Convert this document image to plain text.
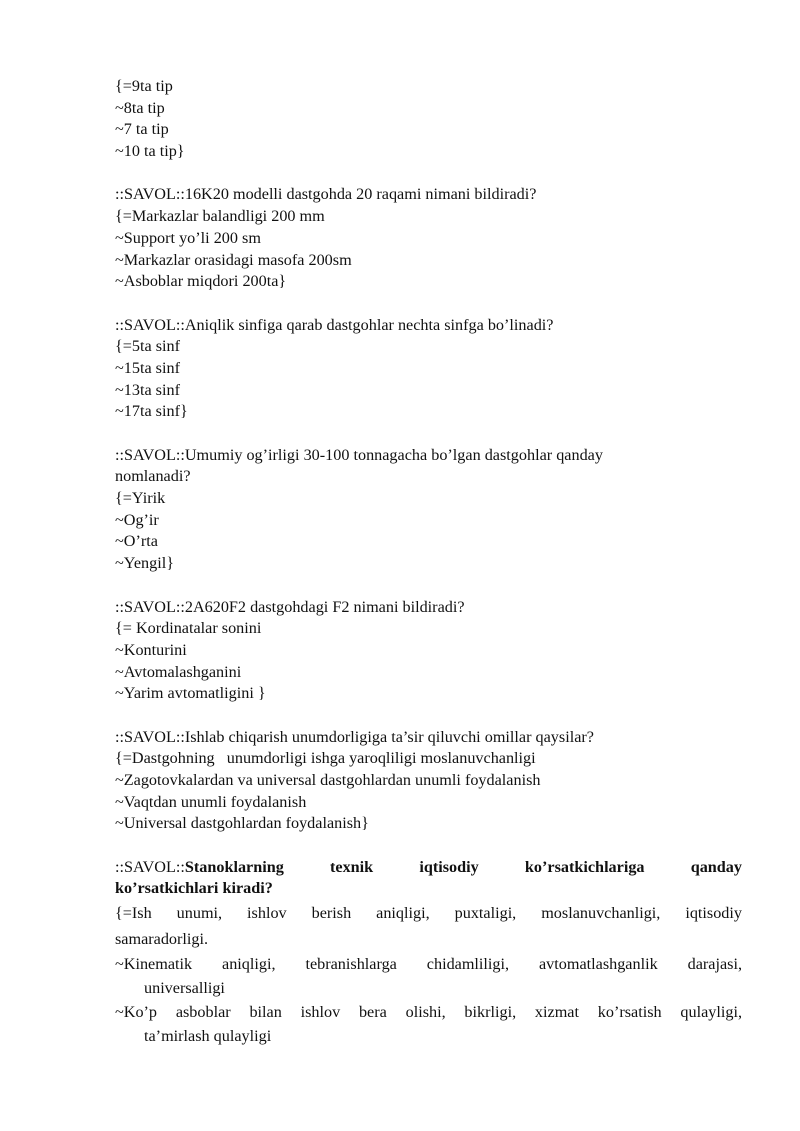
{=9ta tip
~8ta tip
~7 ta tip
~10 ta tip}
::SAVOL::16K20 modelli dastgohda 20 raqami nimani bildiradi?
{=Markazlar balandligi 200 mm
~Support yo’li 200 sm
~Markazlar orasidagi masofa 200sm
~Asboblar miqdori 200ta}
::SAVOL::Aniqlik sinfiga qarab dastgohlar nechta sinfga bo’linadi?
{=5ta sinf
~15ta sinf
~13ta sinf
~17ta sinf}
::SAVOL::Umumiy og’irligi 30-100 tonnagacha bo’lgan dastgohlar qanday
nomlanadi?
{=Yirik
~Og’ir
~O’rta
~Yengil}
::SAVOL::2A620F2 dastgohdagi F2 nimani bildiradi?
{= Kordinatalar sonini
~Konturini
~Avtomalashganini
~Yarim avtomatligini }
::SAVOL::Ishlab chiqarish unumdorligiga ta’sir qiluvchi omillar qaysilar?
{=Dastgohning   unumdorligi ishga yaroqliligi moslanuvchanligi
~Zagotovkalardan va universal dastgohlardan unumli foydalanish
~Vaqtdan unumli foydalanish
~Universal dastgohlardan foydalanish}
::SAVOL::Stanoklarning texnik iqtisodiy ko’rsatkichlariga qanday
ko’rsatkichlari kiradi?
{=Ish unumi, ishlov berish aniqligi, puxtaligi, moslanuvchanligi, iqtisodiy
samaradorligi.
~Kinematik aniqligi, tebranishlarga chidamliligi, avtomatlashganlik darajasi,
universalligi
~Ko’p asboblar bilan ishlov bera olishi, bikrligi, xizmat ko’rsatish qulayligi,
ta’mirlash qulayligi
